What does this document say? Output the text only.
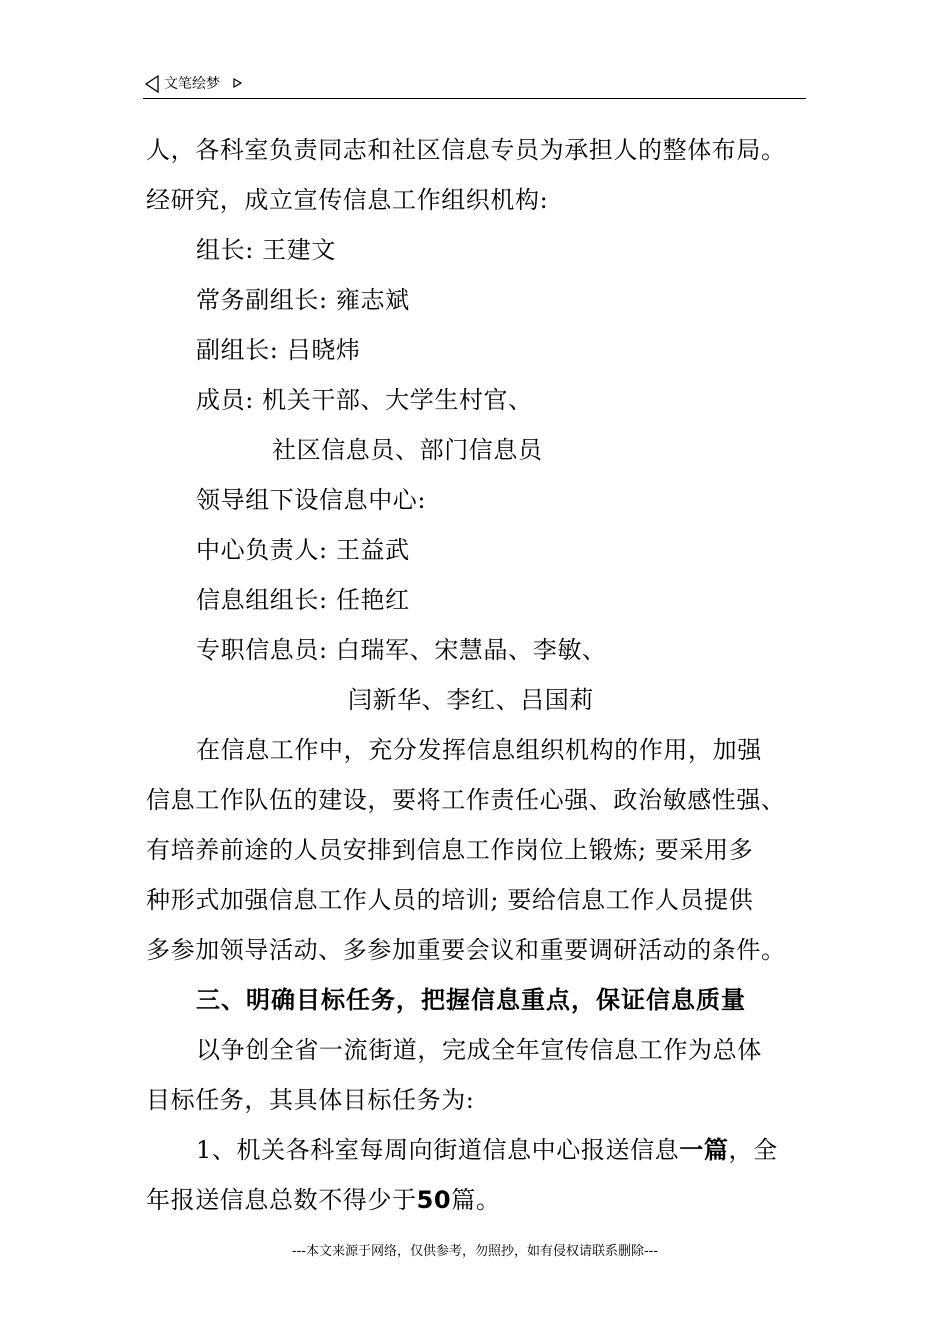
文笔绘梦
人，各科室负责同志和社区信息专员为承担人的整体布局。
经研究，成立宣传信息工作组织机构:
组长: 王建文
常务副组长: 雍志斌
副组长: 吕晓炜
成员: 机关干部、大学生村官、
社区信息员、部门信息员
领导组下设信息中心:
中心负责人: 王益武
信息组组长: 任艳红
专职信息员: 白瑞军、宋慧晶、李敏、
闫新华、李红、吕国莉
在信息工作中，充分发挥信息组织机构的作用，加强
信息工作队伍的建设，要将工作责任心强、政治敏感性强、
有培养前途的人员安排到信息工作岗位上锻炼; 要采用多
种形式加强信息工作人员的培训; 要给信息工作人员提供
多参加领导活动、多参加重要会议和重要调研活动的条件。
三、明确目标任务，把握信息重点，保证信息质量
以争创全省一流街道，完成全年宣传信息工作为总体
目标任务，其具体目标任务为:
1、机关各科室每周向街道信息中心报送信息一篇，全
年报送信息总数不得少于50篇。
---本文来源于网络，仅供参考，勿照抄，如有侵权请联系删除---
